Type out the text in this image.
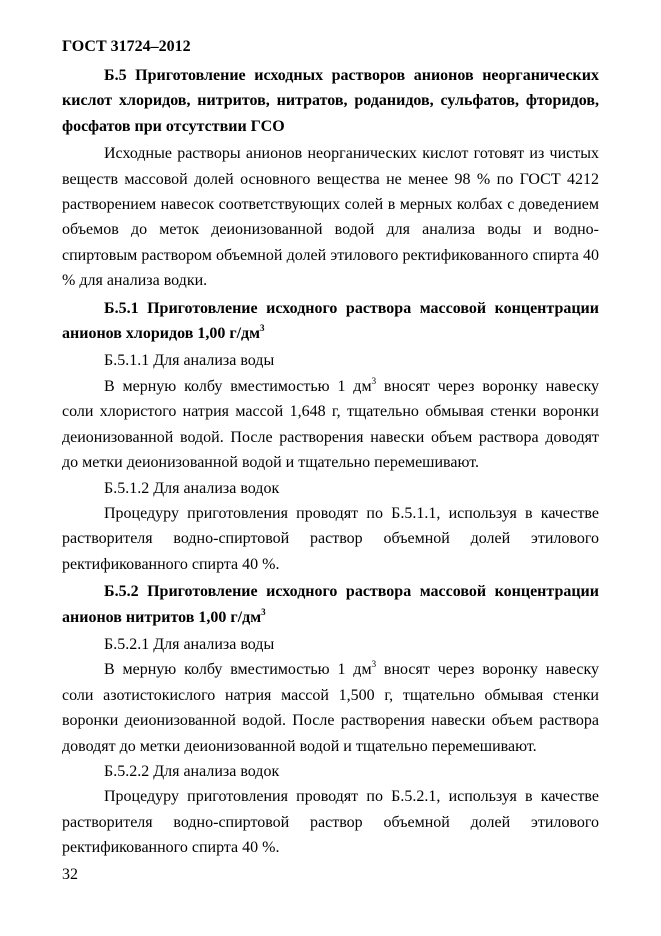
ГОСТ 31724–2012

Б.5 Приготовление исходных растворов анионов неорганических кислот хлоридов, нитритов, нитратов, роданидов, сульфатов, фторидов, фосфатов при отсутствии ГСО

Исходные растворы анионов неорганических кислот готовят из чистых веществ массовой долей основного вещества не менее 98 % по ГОСТ 4212 растворением навесок соответствующих солей в мерных колбах с доведением объемов до меток деионизованной водой для анализа воды и водно-спиртовым раствором объемной долей этилового ректификованного спирта 40 % для анализа водки.

Б.5.1 Приготовление исходного раствора массовой концентрации анионов хлоридов 1,00 $г/дм^3$

Б.5.1.1 Для анализа воды

В мерную колбу вместимостью 1 $дм^3$ вносят через воронку навеску соли хлористого натрия массой 1,648 г, тщательно обмывая стенки воронки деионизованной водой. После растворения навески объем раствора доводят до метки деионизованной водой и тщательно перемешивают.

Б.5.1.2 Для анализа водок

Процедуру приготовления проводят по Б.5.1.1, используя в качестве растворителя водно-спиртовой раствор объемной долей этилового ректификованного спирта 40 %.

Б.5.2 Приготовление исходного раствора массовой концентрации анионов нитритов 1,00 $г/дм^3$

Б.5.2.1 Для анализа воды

В мерную колбу вместимостью 1 $дм^3$ вносят через воронку навеску соли азотистокислого натрия массой 1,500 г, тщательно обмывая стенки воронки деионизованной водой. После растворения навески объем раствора доводят до метки деионизованной водой и тщательно перемешивают.

Б.5.2.2 Для анализа водок

Процедуру приготовления проводят по Б.5.2.1, используя в качестве растворителя водно-спиртовой раствор объемной долей этилового ректификованного спирта 40 %.

32
